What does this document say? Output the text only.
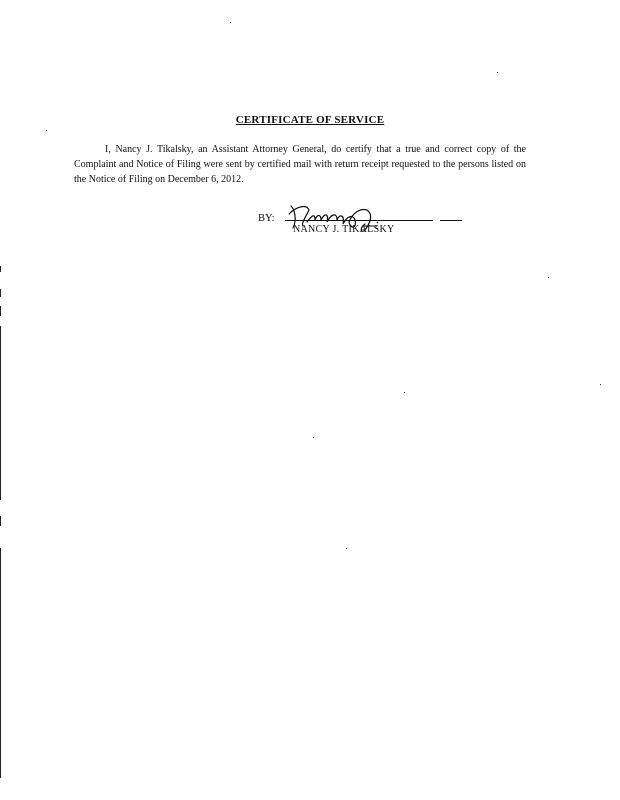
CERTIFICATE OF SERVICE
I, Nancy J. Tikalsky, an Assistant Attorney General, do certify that a true and correct copy of the Complaint and Notice of Filing were sent by certified mail with return receipt requested to the persons listed on the Notice of Filing on December 6, 2012.
BY:
NANCY J. TIKALSKY
